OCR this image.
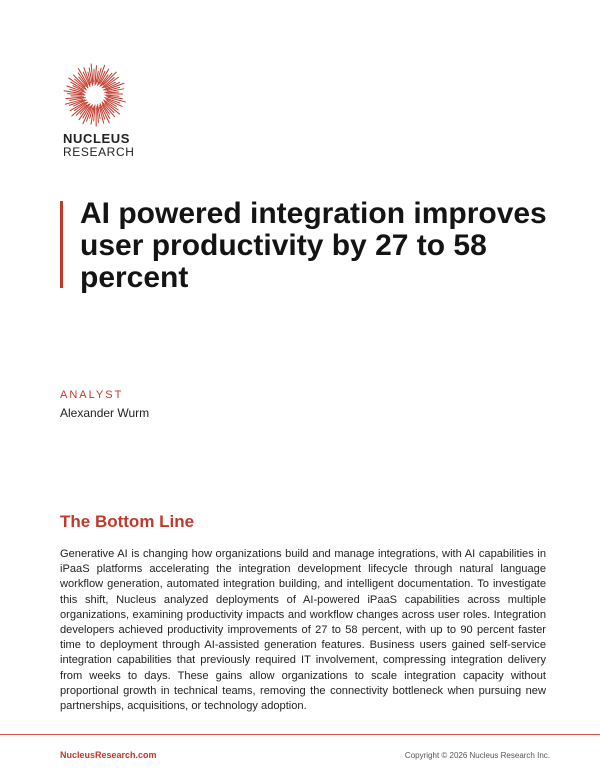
NUCLEUS
RESEARCH
AI powered integration improves user productivity by 27 to 58 percent
ANALYST
Alexander Wurm
The Bottom Line

Generative AI is changing how organizations build and manage integrations, with AI capabilities in iPaaS platforms accelerating the integration development lifecycle through natural language workflow generation, automated integration building, and intelligent documentation. To investigate this shift, Nucleus analyzed deployments of AI-powered iPaaS capabilities across multiple organizations, examining productivity impacts and workflow changes across user roles. Integration developers achieved productivity improvements of 27 to 58 percent, with up to 90 percent faster time to deployment through AI-assisted generation features. Business users gained self-service integration capabilities that previously required IT involvement, compressing integration delivery from weeks to days. These gains allow organizations to scale integration capacity without proportional growth in technical teams, removing the connectivity bottleneck when pursuing new partnerships, acquisitions, or technology adoption.

NucleusResearch.com	Copyright © 2026 Nucleus Research Inc.
